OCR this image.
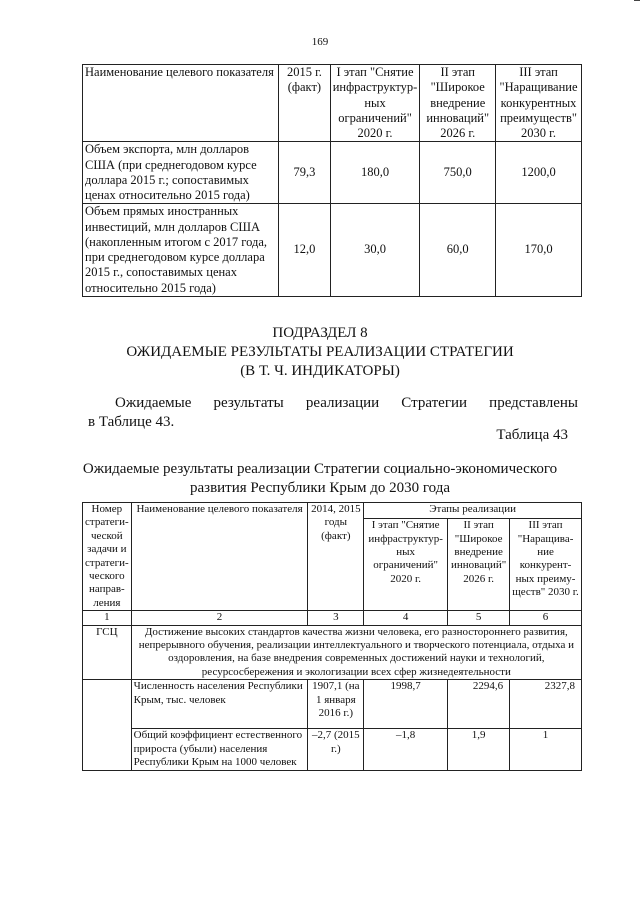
169
Наименование целевого показателя	2015 г. (факт)	I этап "Снятие инфраструктур- ных ограничений" 2020 г.	II этап "Широкое внедрение инноваций" 2026 г.	III этап "Наращивание конкурентных преимуществ" 2030 г.
Объем экспорта, млн долларов США (при среднегодовом курсе доллара 2015 г.; сопоставимых ценах относительно 2015 года)	79,3	180,0	750,0	1200,0
Объем прямых иностранных инвестиций, млн долларов США (накопленным итогом с 2017 года, при среднегодовом курсе доллара 2015 г., сопоставимых ценах относительно 2015 года)	12,0	30,0	60,0	170,0
ПОДРАЗДЕЛ 8
ОЖИДАЕМЫЕ РЕЗУЛЬТАТЫ РЕАЛИЗАЦИИ СТРАТЕГИИ
(В Т. Ч. ИНДИКАТОРЫ)
Ожидаемые результаты реализации Стратегии представлены
в Таблице 43.
Таблица 43
Ожидаемые результаты реализации Стратегии социально-экономического
развития Республики Крым до 2030 года
Номер стратеги- ческой задачи и стратеги- ческого направ- ления	Наименование целевого показателя	2014, 2015 годы (факт)	Этапы реализации		
			I этап "Снятие инфраструктур- ных ограничений" 2020 г.	II этап "Широкое внедрение инноваций" 2026 г.	III этап "Наращива- ние конкурент- ных преиму- ществ" 2030 г.
1	2	3	4	5	6
ГСЦ	Достижение высоких стандартов качества жизни человека, его разностороннего развития, непрерывного обучения, реализации интеллектуального и творческого потенциала, отдыха и оздоровления, на базе внедрения современных достижений науки и технологий, ресурсосбережения и экологизации всех сфер жизнедеятельности				
	Численность населения Республики Крым, тыс. человек	1907,1 (на 1 января 2016 г.)	1998,7	2294,6	2327,8
	Общий коэффициент естественного прироста (убыли) населения Республики Крым на 1000 человек	–2,7 (2015 г.)	–1,8	1,9	1
